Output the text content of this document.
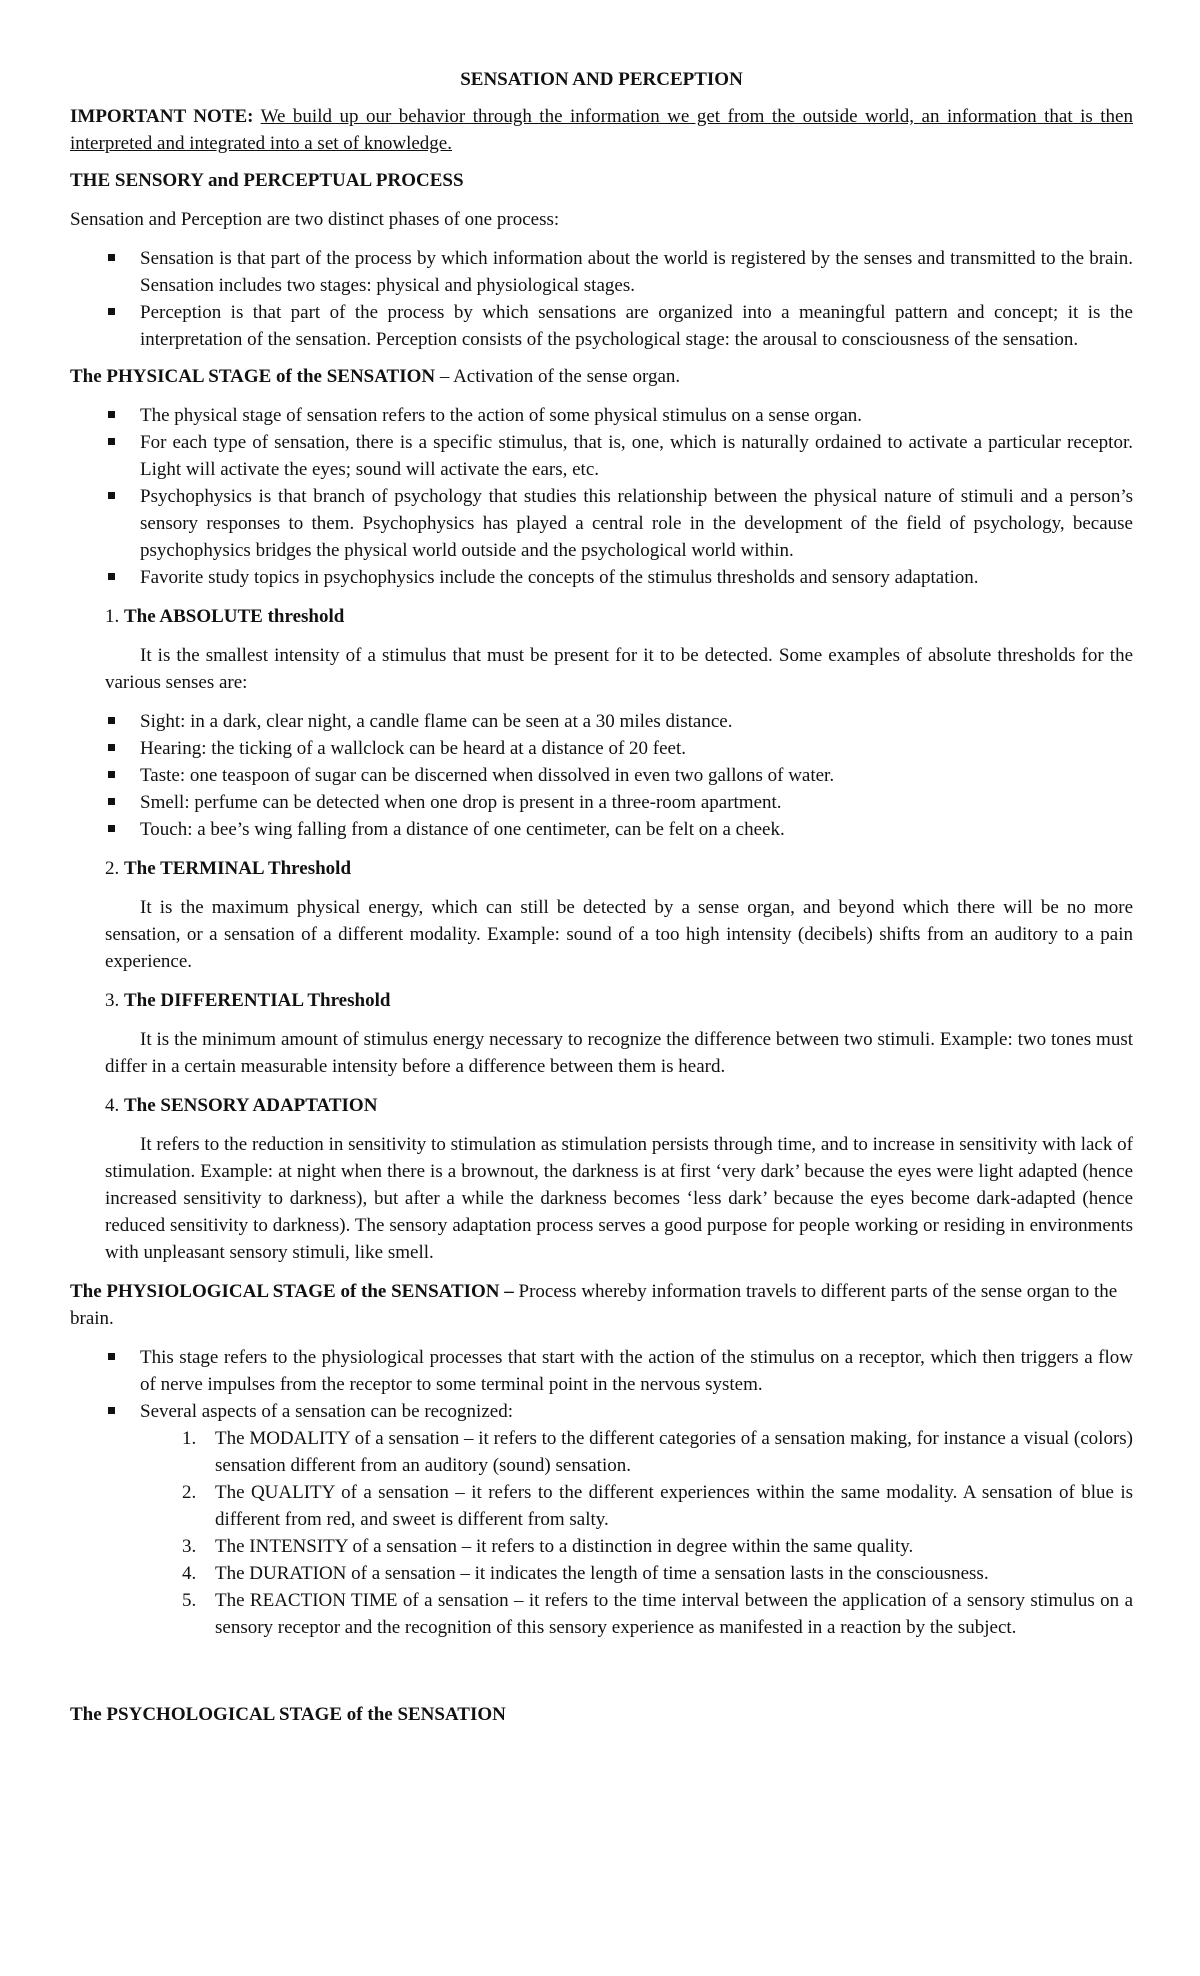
SENSATION AND PERCEPTION

IMPORTANT NOTE: We build up our behavior through the information we get from the outside world, an information that is then interpreted and integrated into a set of knowledge.

THE SENSORY and PERCEPTUAL PROCESS

Sensation and Perception are two distinct phases of one process:

Sensation is that part of the process by which information about the world is registered by the senses and transmitted to the brain. Sensation includes two stages: physical and physiological stages.
Perception is that part of the process by which sensations are organized into a meaningful pattern and concept; it is the interpretation of the sensation. Perception consists of the psychological stage: the arousal to consciousness of the sensation.

The PHYSICAL STAGE of the SENSATION – Activation of the sense organ.

The physical stage of sensation refers to the action of some physical stimulus on a sense organ.
For each type of sensation, there is a specific stimulus, that is, one, which is naturally ordained to activate a particular receptor. Light will activate the eyes; sound will activate the ears, etc.
Psychophysics is that branch of psychology that studies this relationship between the physical nature of stimuli and a person’s sensory responses to them. Psychophysics has played a central role in the development of the field of psychology, because psychophysics bridges the physical world outside and the psychological world within.
Favorite study topics in psychophysics include the concepts of the stimulus thresholds and sensory adaptation.

1. The ABSOLUTE threshold

It is the smallest intensity of a stimulus that must be present for it to be detected. Some examples of absolute thresholds for the various senses are:

Sight: in a dark, clear night, a candle flame can be seen at a 30 miles distance.
Hearing: the ticking of a wallclock can be heard at a distance of 20 feet.
Taste: one teaspoon of sugar can be discerned when dissolved in even two gallons of water.
Smell: perfume can be detected when one drop is present in a three-room apartment.
Touch: a bee’s wing falling from a distance of one centimeter, can be felt on a cheek.

2. The TERMINAL Threshold

It is the maximum physical energy, which can still be detected by a sense organ, and beyond which there will be no more sensation, or a sensation of a different modality. Example: sound of a too high intensity (decibels) shifts from an auditory to a pain experience.

3. The DIFFERENTIAL Threshold

It is the minimum amount of stimulus energy necessary to recognize the difference between two stimuli. Example: two tones must differ in a certain measurable intensity before a difference between them is heard.

4. The SENSORY ADAPTATION

It refers to the reduction in sensitivity to stimulation as stimulation persists through time, and to increase in sensitivity with lack of stimulation. Example: at night when there is a brownout, the darkness is at first ‘very dark’ because the eyes were light adapted (hence increased sensitivity to darkness), but after a while the darkness becomes ‘less dark’ because the eyes become dark-adapted (hence reduced sensitivity to darkness). The sensory adaptation process serves a good purpose for people working or residing in environments with unpleasant sensory stimuli, like smell.

The PHYSIOLOGICAL STAGE of the SENSATION – Process whereby information travels to different parts of the sense organ to the brain.

This stage refers to the physiological processes that start with the action of the stimulus on a receptor, which then triggers a flow of nerve impulses from the receptor to some terminal point in the nervous system.
Several aspects of a sensation can be recognized:
1. The MODALITY of a sensation – it refers to the different categories of a sensation making, for instance a visual (colors) sensation different from an auditory (sound) sensation.
2. The QUALITY of a sensation – it refers to the different experiences within the same modality. A sensation of blue is different from red, and sweet is different from salty.
3. The INTENSITY of a sensation – it refers to a distinction in degree within the same quality.
4. The DURATION of a sensation – it indicates the length of time a sensation lasts in the consciousness.
5. The REACTION TIME of a sensation – it refers to the time interval between the application of a sensory stimulus on a sensory receptor and the recognition of this sensory experience as manifested in a reaction by the subject.

The PSYCHOLOGICAL STAGE of the SENSATION
